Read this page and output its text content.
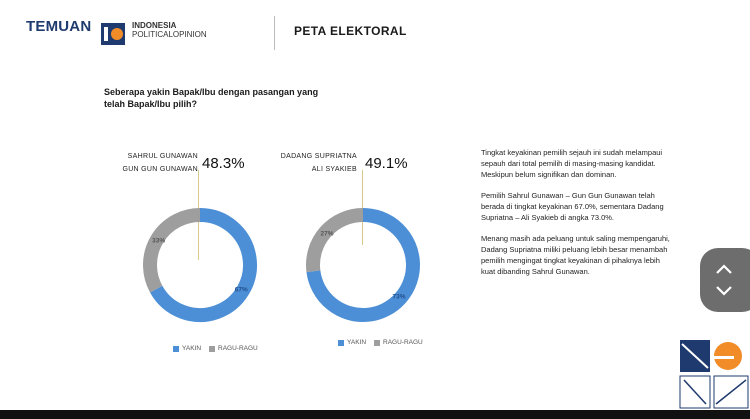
TEMUAN	INDONESIA
POLITICALOPINION	PETA ELEKTORAL
Seberapa yakin Bapak/Ibu dengan pasangan yang telah Bapak/Ibu pilih?
SAHRUL GUNAWAN
GUN GUN GUNAWAN 48.3%
67%
33%
YAKIN	RAGU-RAGU
DADANG SUPRIATNA
ALI SYAKIEB 49.1%
73%
27%
YAKIN	RAGU-RAGU

Tingkat keyakinan pemilih sejauh ini sudah melampaui sepauh dari total pemilih di masing-masing kandidat. Meskipun belum signifikan dan dominan.

Pemilih Sahrul Gunawan – Gun Gun Gunawan telah berada di tingkat keyakinan 67.0%, sementara Dadang Supriatna – Ali Syakieb di angka 73.0%.

Menang masih ada peluang untuk saling mempengaruhi, Dadang Supriatna miliki peluang lebih besar menambah pemilih mengingat tingkat keyakinan di pihaknya lebih kuat dibanding Sahrul Gunawan.
